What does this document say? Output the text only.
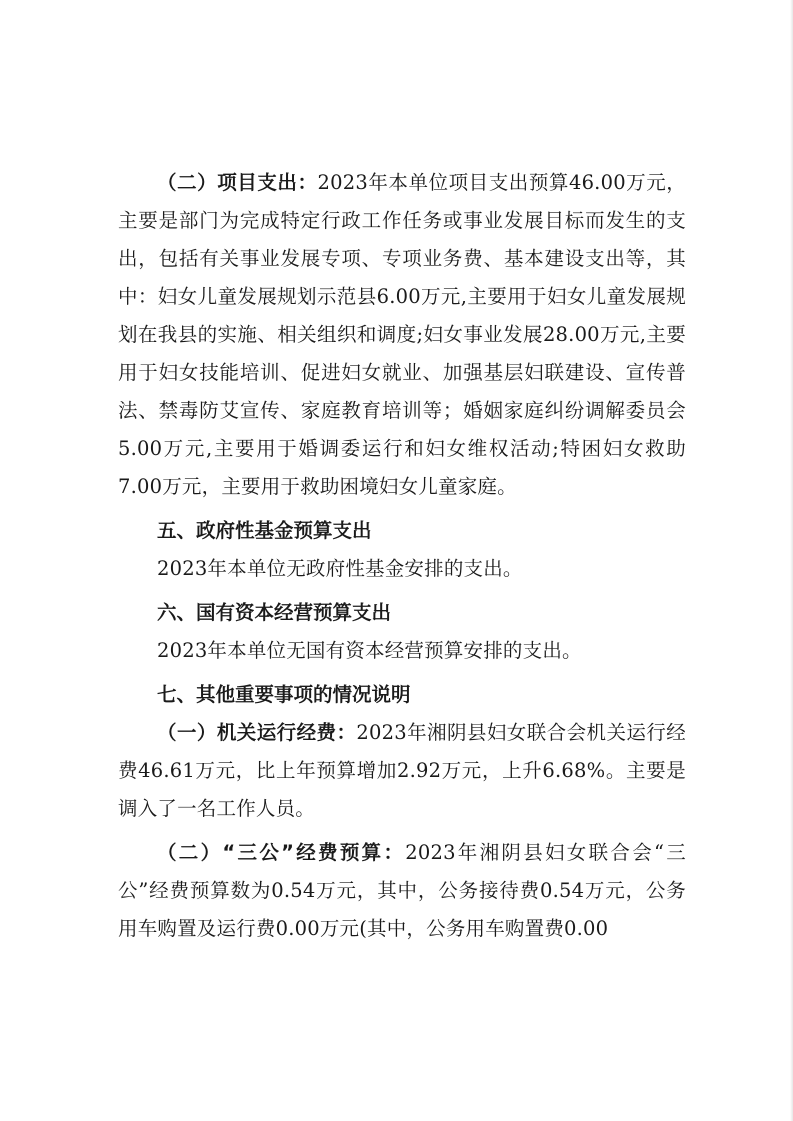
（二）项目支出：2023年本单位项目支出预算46.00万元，主要是部门为完成特定行政工作任务或事业发展目标而发生的支出，包括有关事业发展专项、专项业务费、基本建设支出等，其中：妇女儿童发展规划示范县6.00万元,主要用于妇女儿童发展规划在我县的实施、相关组织和调度;妇女事业发展28.00万元,主要用于妇女技能培训、促进妇女就业、加强基层妇联建设、宣传普法、禁毒防艾宣传、家庭教育培训等；婚姻家庭纠纷调解委员会5.00万元,主要用于婚调委运行和妇女维权活动;特困妇女救助7.00万元，主要用于救助困境妇女儿童家庭。

五、政府性基金预算支出

2023年本单位无政府性基金安排的支出。

六、国有资本经营预算支出

2023年本单位无国有资本经营预算安排的支出。

七、其他重要事项的情况说明

（一）机关运行经费：2023年湘阴县妇女联合会机关运行经费46.61万元，比上年预算增加2.92万元，上升6.68%。主要是调入了一名工作人员。

（二）“三公”经费预算：2023年湘阴县妇女联合会“三公”经费预算数为0.54万元，其中，公务接待费0.54万元，公务用车购置及运行费0.00万元(其中，公务用车购置费0.00
